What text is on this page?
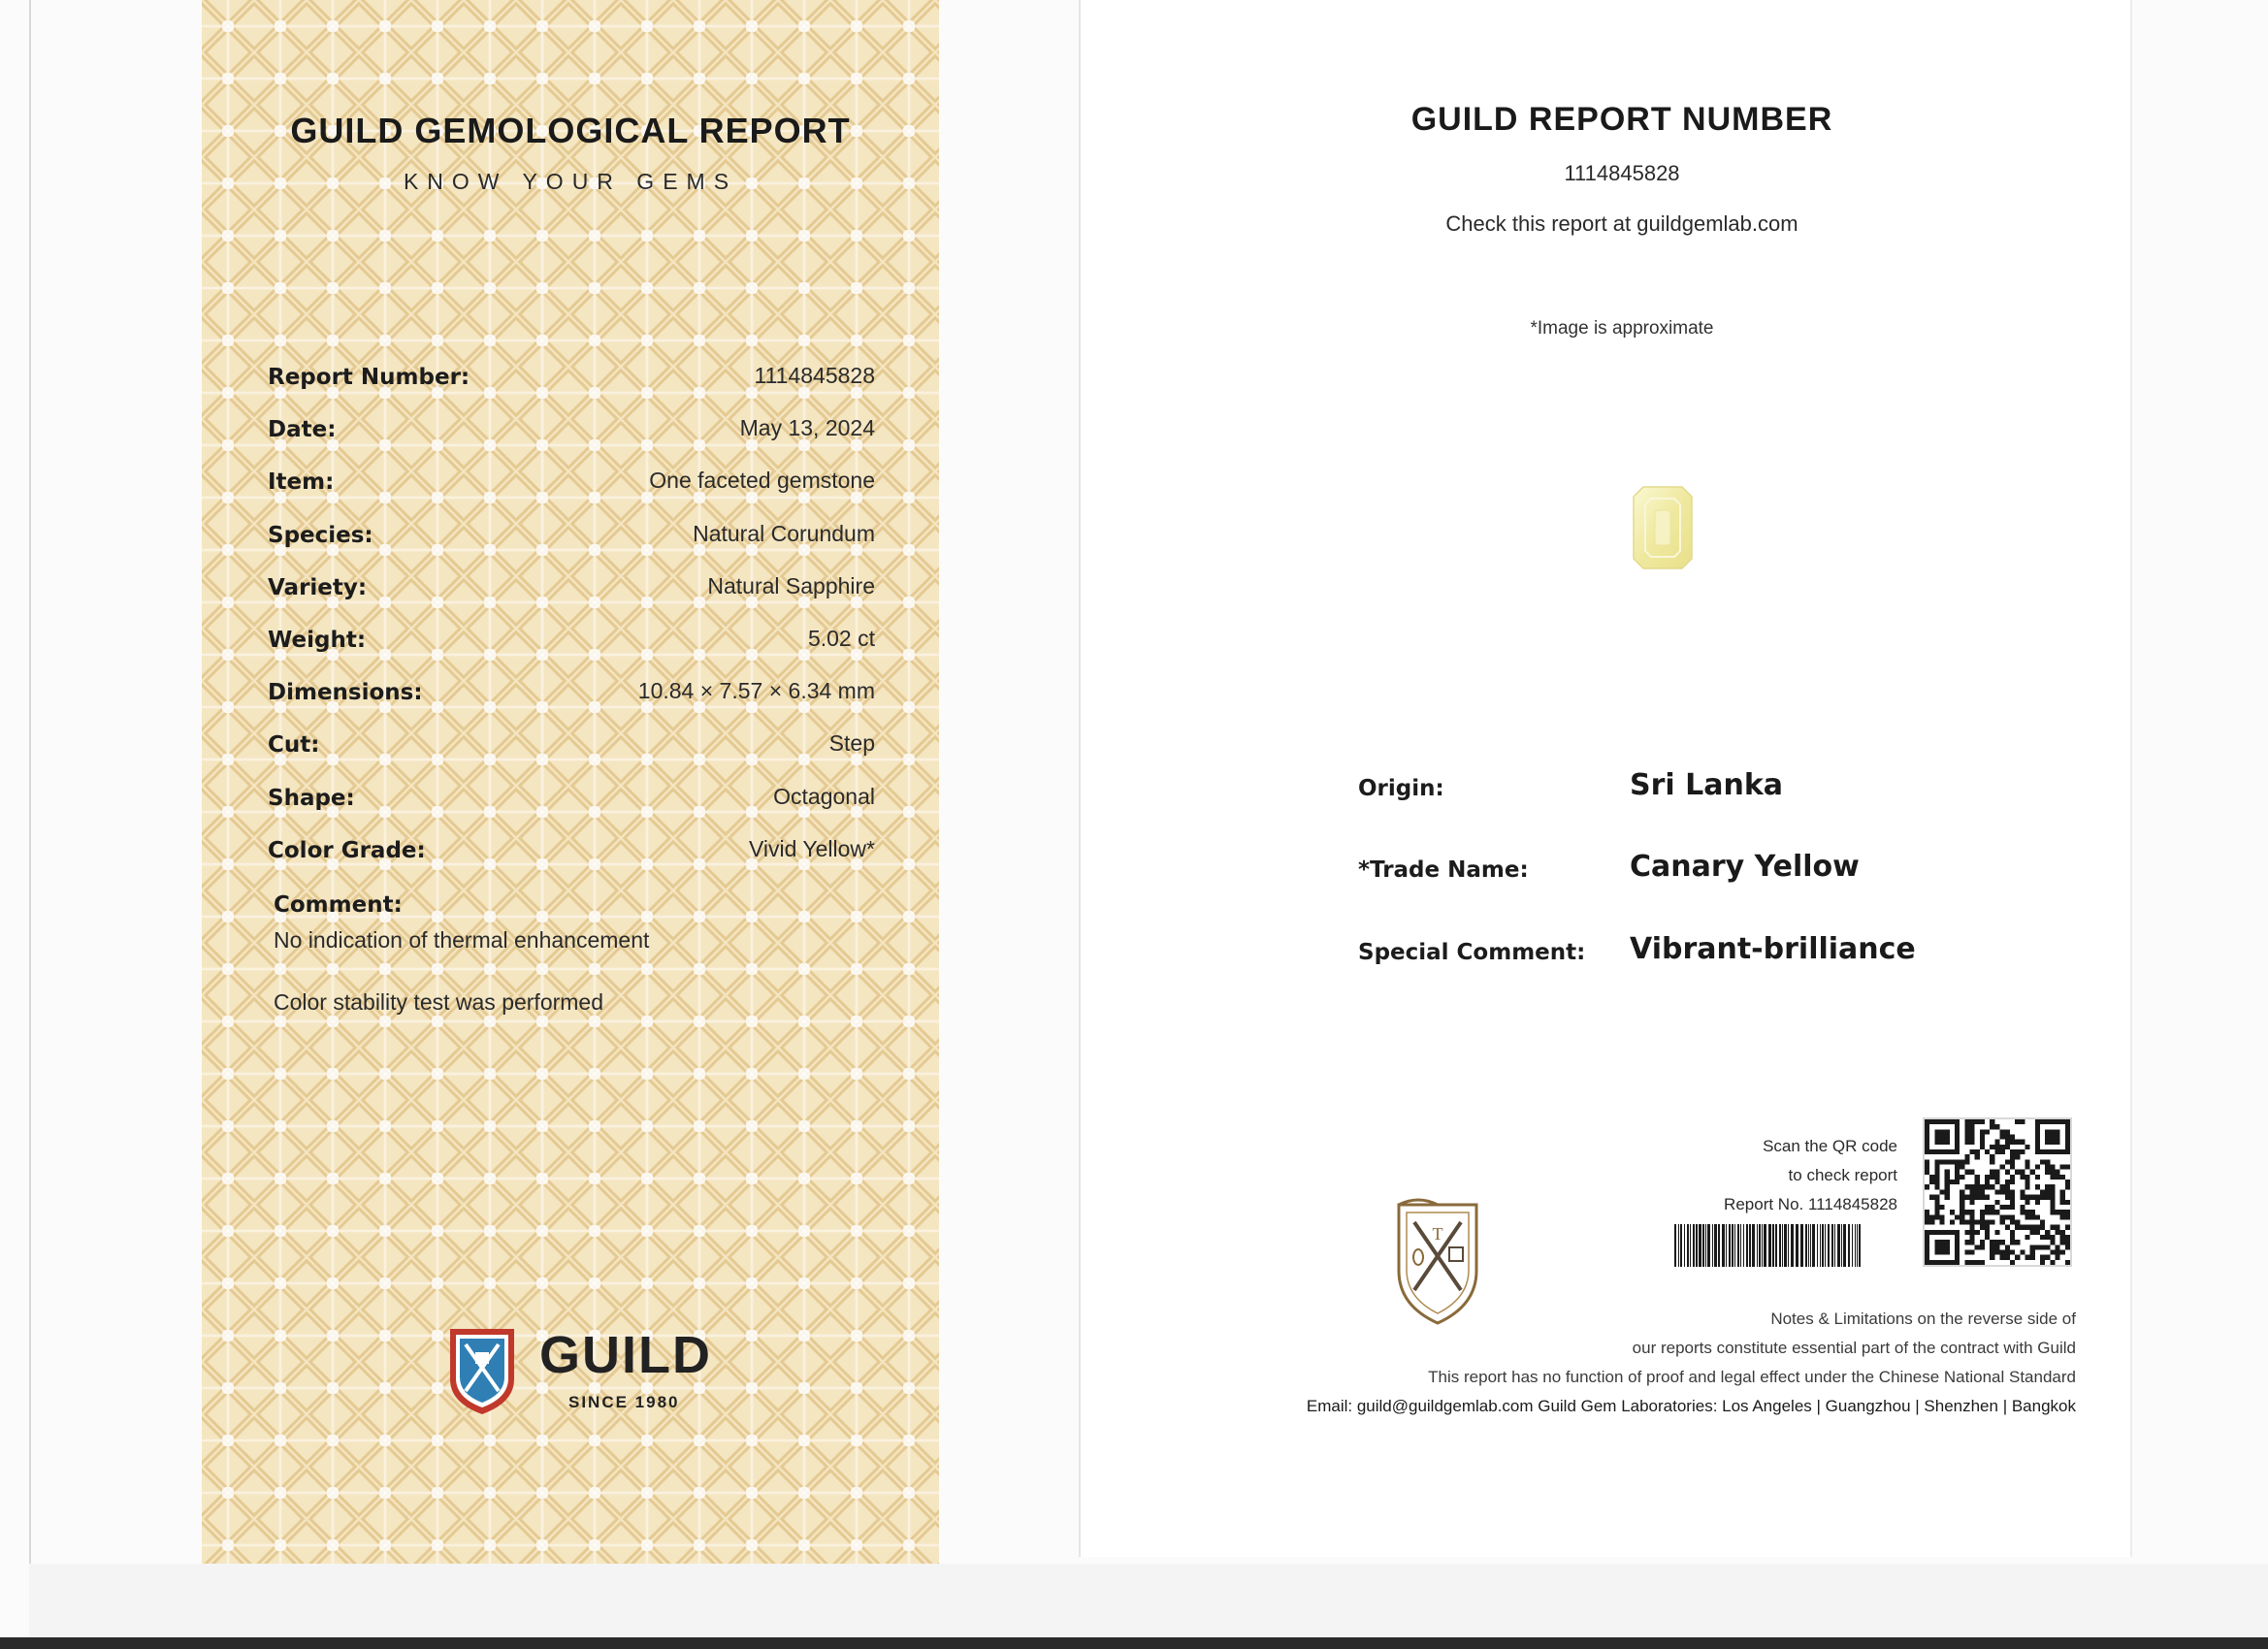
GUILD GEMOLOGICAL REPORT
KNOW YOUR GEMS
Report Number:	1114845828
Date:	May 13, 2024
Item:	One faceted gemstone
Species:	Natural Corundum
Variety:	Natural Sapphire
Weight:	5.02 ct
Dimensions:	10.84 × 7.57 × 6.34 mm
Cut:	Step
Shape:	Octagonal
Color Grade:	Vivid Yellow*
Comment:
No indication of thermal enhancement
Color stability test was performed
GUILD
SINCE 1980
GUILD REPORT NUMBER
1114845828
Check this report at guildgemlab.com
*Image is approximate
Origin:	Sri Lanka
*Trade Name:	Canary Yellow
Special Comment: Vibrant-brilliance
T
Scan the QR code
to check report
Report No. 1114845828
Notes & Limitations on the reverse side of
our reports constitute essential part of the contract with Guild
This report has no function of proof and legal effect under the Chinese National Standard
Email: guild@guildgemlab.com Guild Gem Laboratories: Los Angeles | Guangzhou | Shenzhen | Bangkok
